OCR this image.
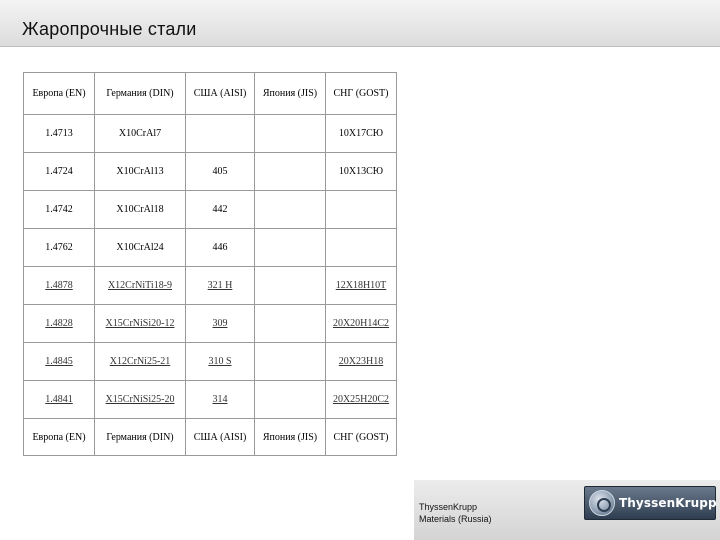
Жаропрочные стали
Европа (EN)	Германия (DIN)	США (AISI)	Япония (JIS)	СНГ (GOST)
1.4713	X10CrAl7			10X17CЮ
1.4724	X10CrAl13	405		10X13CЮ
1.4742	X10CrAl18	442		
1.4762	X10CrAl24	446		
1.4878	X12CrNiTi18-9	321 H		12X18H10T
1.4828	X15CrNiSi20-12	309		20X20H14C2
1.4845	X12CrNi25-21	310 S		20X23H18
1.4841	X15CrNiSi25-20	314		20X25H20C2
Европа (EN)	Германия (DIN)	США (AISI)	Япония (JIS)	СНГ (GOST)
ThyssenKrupp
Materials (Russia)
ThyssenKrupp
